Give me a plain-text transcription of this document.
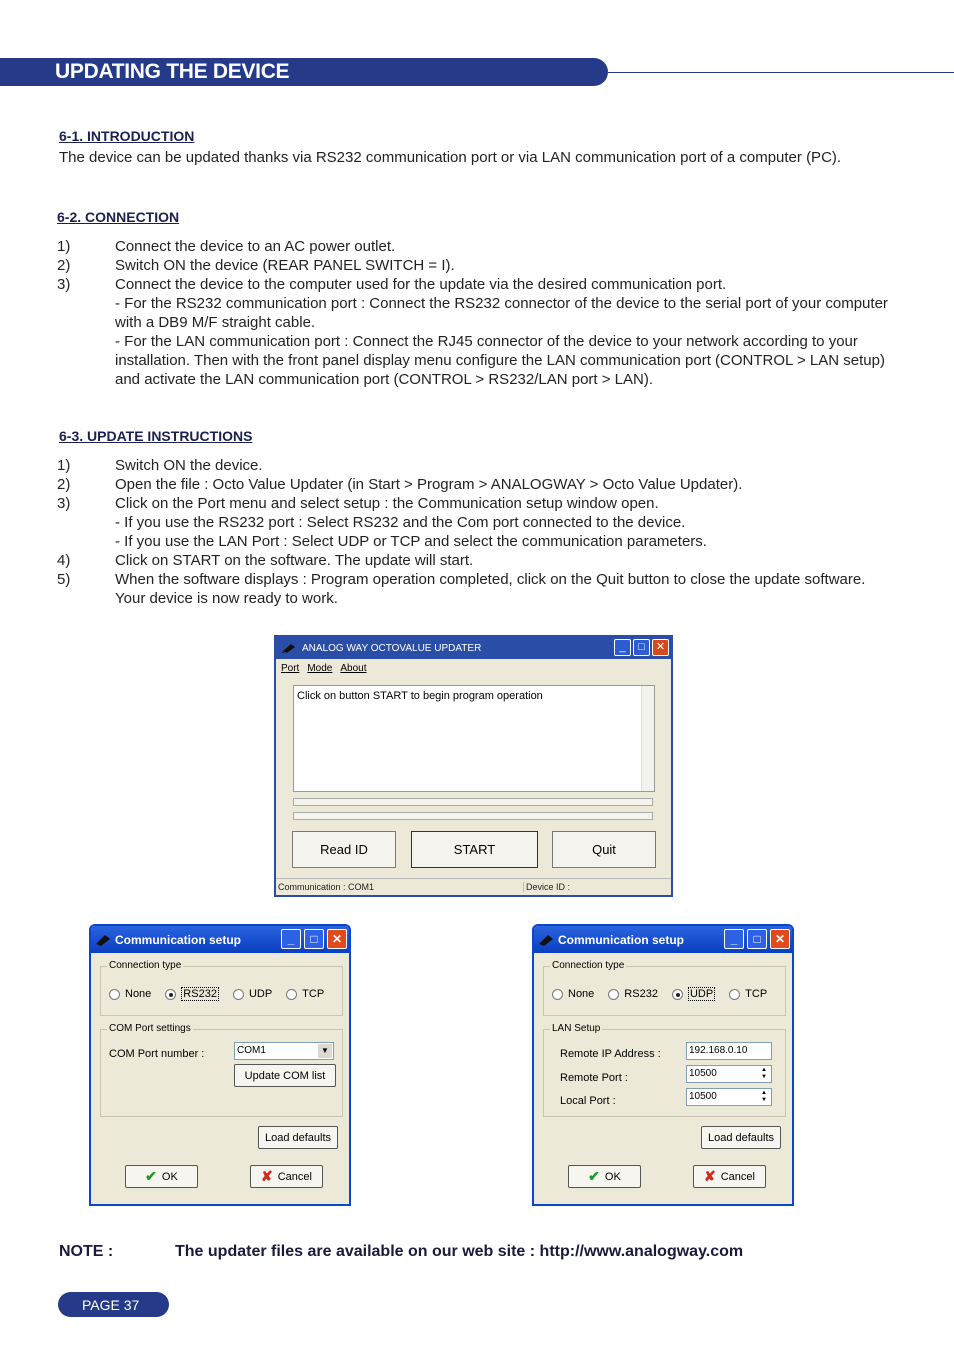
UPDATING THE DEVICE
6-1. INTRODUCTION
The device can be updated thanks via RS232 communication port or via LAN communication port of a computer (PC).
6-2. CONNECTION
1)	Connect the device to an AC power outlet.
2)	Switch ON the device (REAR PANEL SWITCH = I).
3)	Connect the device to the computer used for the update via the desired communication port.
- For the RS232 communication port : Connect the RS232 connector of the device to the serial port of your computer with a DB9 M/F straight cable.
- For the LAN communication port : Connect the RJ45 connector of the device to your network according to your installation. Then with the front panel display menu configure the LAN communication port (CONTROL > LAN setup) and activate the LAN communication port (CONTROL > RS232/LAN port > LAN).
6-3. UPDATE INSTRUCTIONS
1)	Switch ON the device.
2)	Open the file : Octo Value Updater (in Start > Program > ANALOGWAY > Octo Value Updater).
3)	Click on the Port menu and select setup : the Communication setup window open.
- If you use the RS232 port : Select RS232 and the Com port connected to the device.
- If you use the LAN Port : Select UDP or TCP and select the communication parameters.
4)	Click on START on the software. The update will start.
5)	When the software displays : Program operation completed, click on the Quit button to close the update software. Your device is now ready to work.
ANALOG WAY OCTOVALUE UPDATER	_	□	✕
Port Mode About
Click on button START to begin program operation
Read ID	START	Quit
Communication : COM1	Device ID :
Communication setup	_	□	✕
Connection type
None	RS232	UDP	TCP
COM Port settings
COM Port number :	COM1	▼
Update COM list
Load defaults
✔ OK	✘ Cancel
Communication setup	_	□	✕
Connection type
None	RS232	UDP	TCP
LAN Setup
Remote IP Address :	192.168.0.10
Remote Port :	10500	▲
▼
Local Port :	10500	▲
▼
Load defaults
✔ OK	✘ Cancel
NOTE :	The updater files are available on our web site : http://www.analogway.com
PAGE 37
